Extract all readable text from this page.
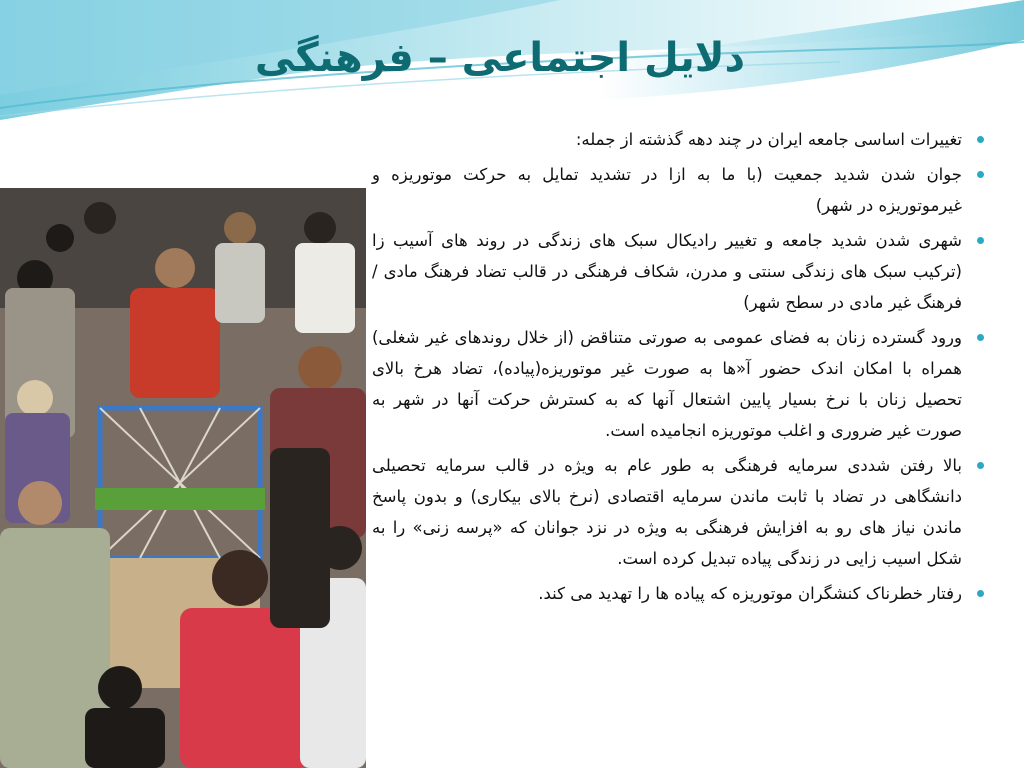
دلایل اجتماعی – فرهنگی
تغییرات اساسی جامعه ایران در چند دهه گذشته از جمله:
جوان شدن شدید جمعیت (با ما به ازا در تشدید تمایل به حرکت موتوریزه و غیرموتوریزه در شهر)
شهری شدن شدید جامعه و تغییر رادیکال سبک های زندگی در روند های آسیب زا (ترکیب سبک های زندگی سنتی و مدرن، شکاف فرهنگی در قالب تضاد فرهنگ مادی / فرهنگ غیر مادی در سطح شهر)
ورود گسترده زنان به فضای عمومی به صورتی متناقض (از خلال روندهای غیر شغلی) همراه با امکان اندک حضور آ«ها به صورت غیر موتوریزه(پیاده)، تضاد هرخ بالای تحصیل زنان با نرخ بسیار پایین اشتعال آنها که به کسترش حرکت آنها در شهر به صورت غیر ضروری و اغلب موتوریزه انجامیده است.
بالا رفتن شددی سرمایه فرهنگی به طور عام به ویژه در قالب سرمایه تحصیلی دانشگاهی در تضاد با ثابت ماندن سرمایه اقتصادی (نرخ بالای بیکاری) و بدون پاسخ ماندن نیاز های رو به افزایش فرهنگی به ویژه در نزد جوانان که «پرسه زنی» را به شکل اسیب زایی در زندگی پیاده تبدیل کرده است.
رفتار خطرناک کنشگران موتوریزه که پیاده ها را تهدید می کند.
